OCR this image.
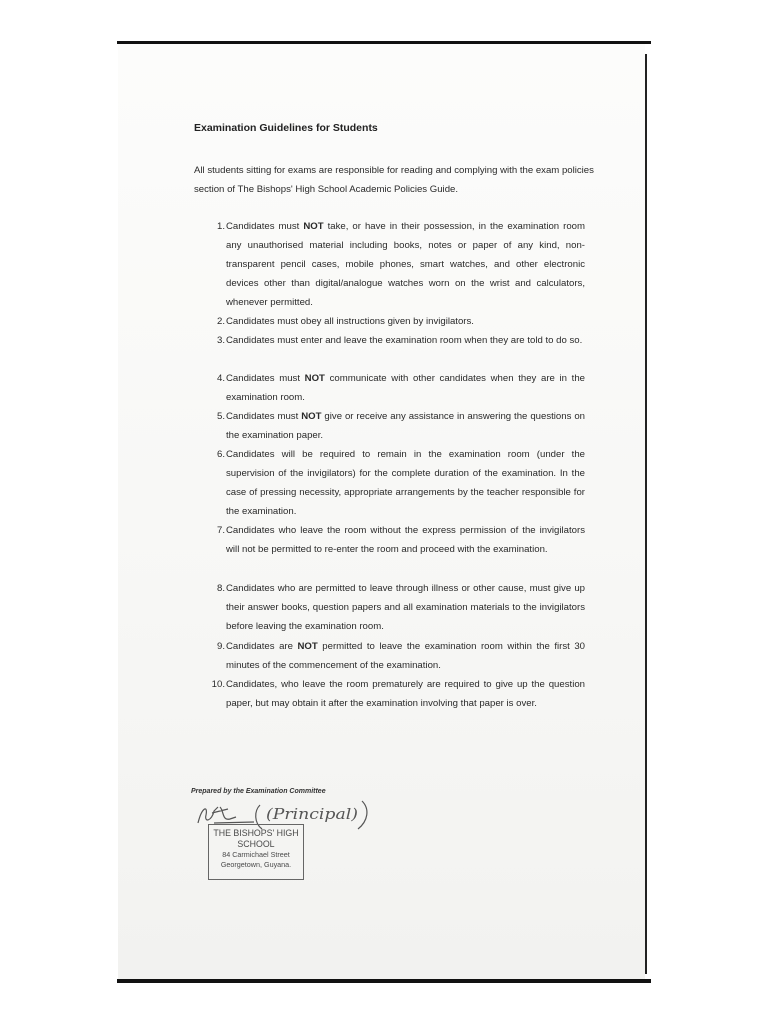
Examination Guidelines for Students
All students sitting for exams are responsible for reading and complying with the exam policies section of The Bishops' High School Academic Policies Guide.
1. Candidates must NOT take, or have in their possession, in the examination room any unauthorised material including books, notes or paper of any kind, non-transparent pencil cases, mobile phones, smart watches, and other electronic devices other than digital/analogue watches worn on the wrist and calculators, whenever permitted.
2. Candidates must obey all instructions given by invigilators.
3. Candidates must enter and leave the examination room when they are told to do so.
4. Candidates must NOT communicate with other candidates when they are in the examination room.
5. Candidates must NOT give or receive any assistance in answering the questions on the examination paper.
6. Candidates will be required to remain in the examination room (under the supervision of the invigilators) for the complete duration of the examination. In the case of pressing necessity, appropriate arrangements by the teacher responsible for the examination.
7. Candidates who leave the room without the express permission of the invigilators will not be permitted to re-enter the room and proceed with the examination.
8. Candidates who are permitted to leave through illness or other cause, must give up their answer books, question papers and all examination materials to the invigilators before leaving the examination room.
9. Candidates are NOT permitted to leave the examination room within the first 30 minutes of the commencement of the examination.
10. Candidates, who leave the room prematurely are required to give up the question paper, but may obtain it after the examination involving that paper is over.
Prepared by the Examination Committee
(Principal)
THE BISHOPS' HIGH
SCHOOL
84 Carmichael Street
Georgetown, Guyana.
